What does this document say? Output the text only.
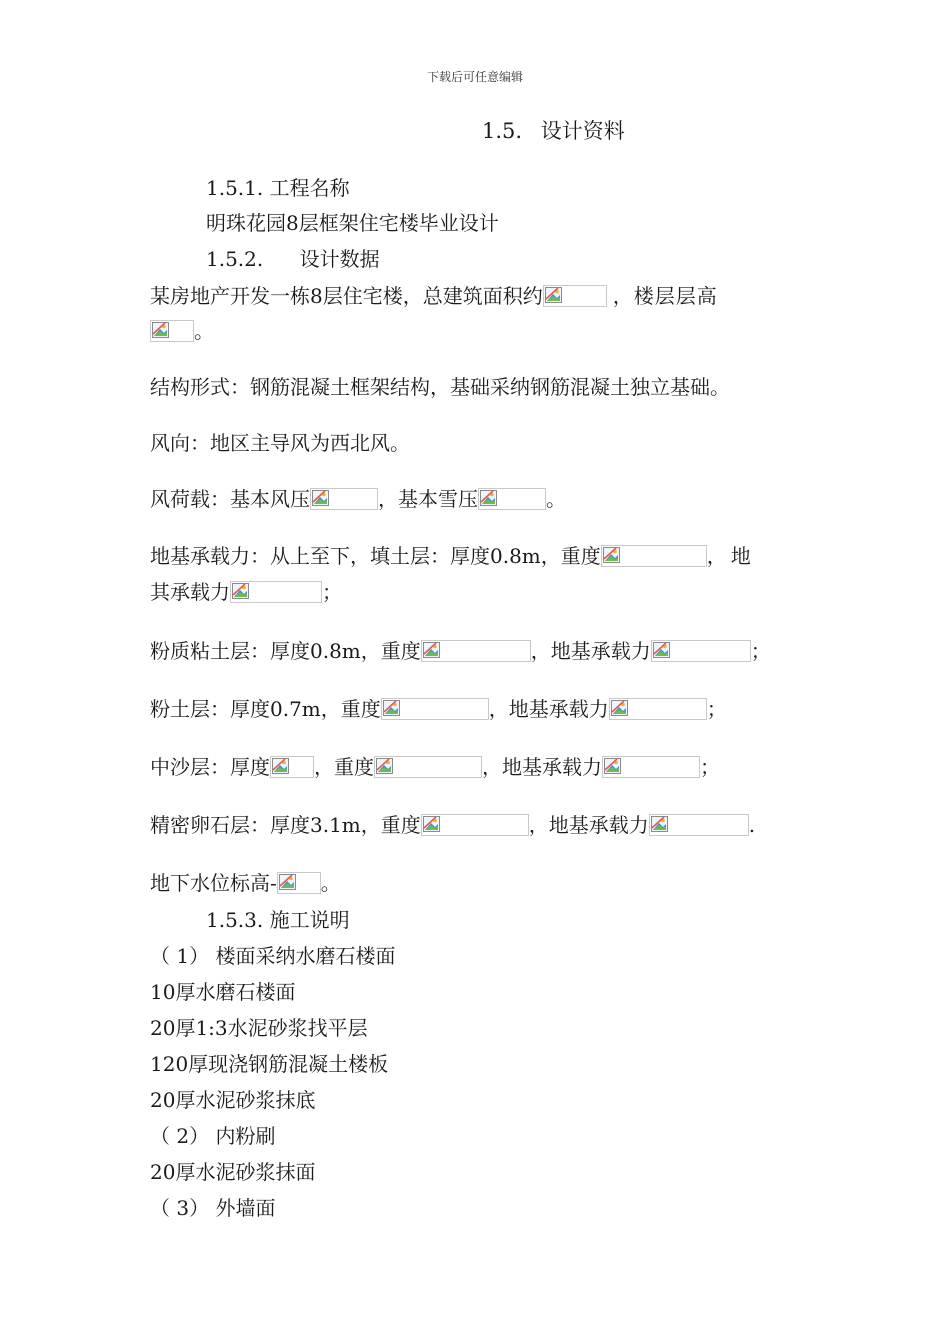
下载后可任意编辑
1.5. 设计资料
1.5.1. 工程名称
明珠花园8层框架住宅楼毕业设计
1.5.2. 设计数据
某房地产开发一栋8层住宅楼，总建筑面积约	，楼层层高
。
结构形式：钢筋混凝土框架结构，基础采纳钢筋混凝土独立基础。
风向：地区主导风为西北风。
风荷载：基本风压	，基本雪压	。
地基承载力：从上至下，填土层：厚度0.8m，重度	，地
其承载力	；
粉质粘土层：厚度0.8m，重度	，地基承载力	；
粉土层：厚度0.7m，重度	，地基承载力	；
中沙层：厚度 ，重度	，地基承载力	；
精密卵石层：厚度3.1m，重度	，地基承载力	.
地下水位标高- 。
1.5.3. 施工说明
（ 1） 楼面采纳水磨石楼面
10厚水磨石楼面
20厚1:3水泥砂浆找平层
120厚现浇钢筋混凝土楼板
20厚水泥砂浆抹底
（ 2） 内粉刷
20厚水泥砂浆抹面
（ 3） 外墙面
